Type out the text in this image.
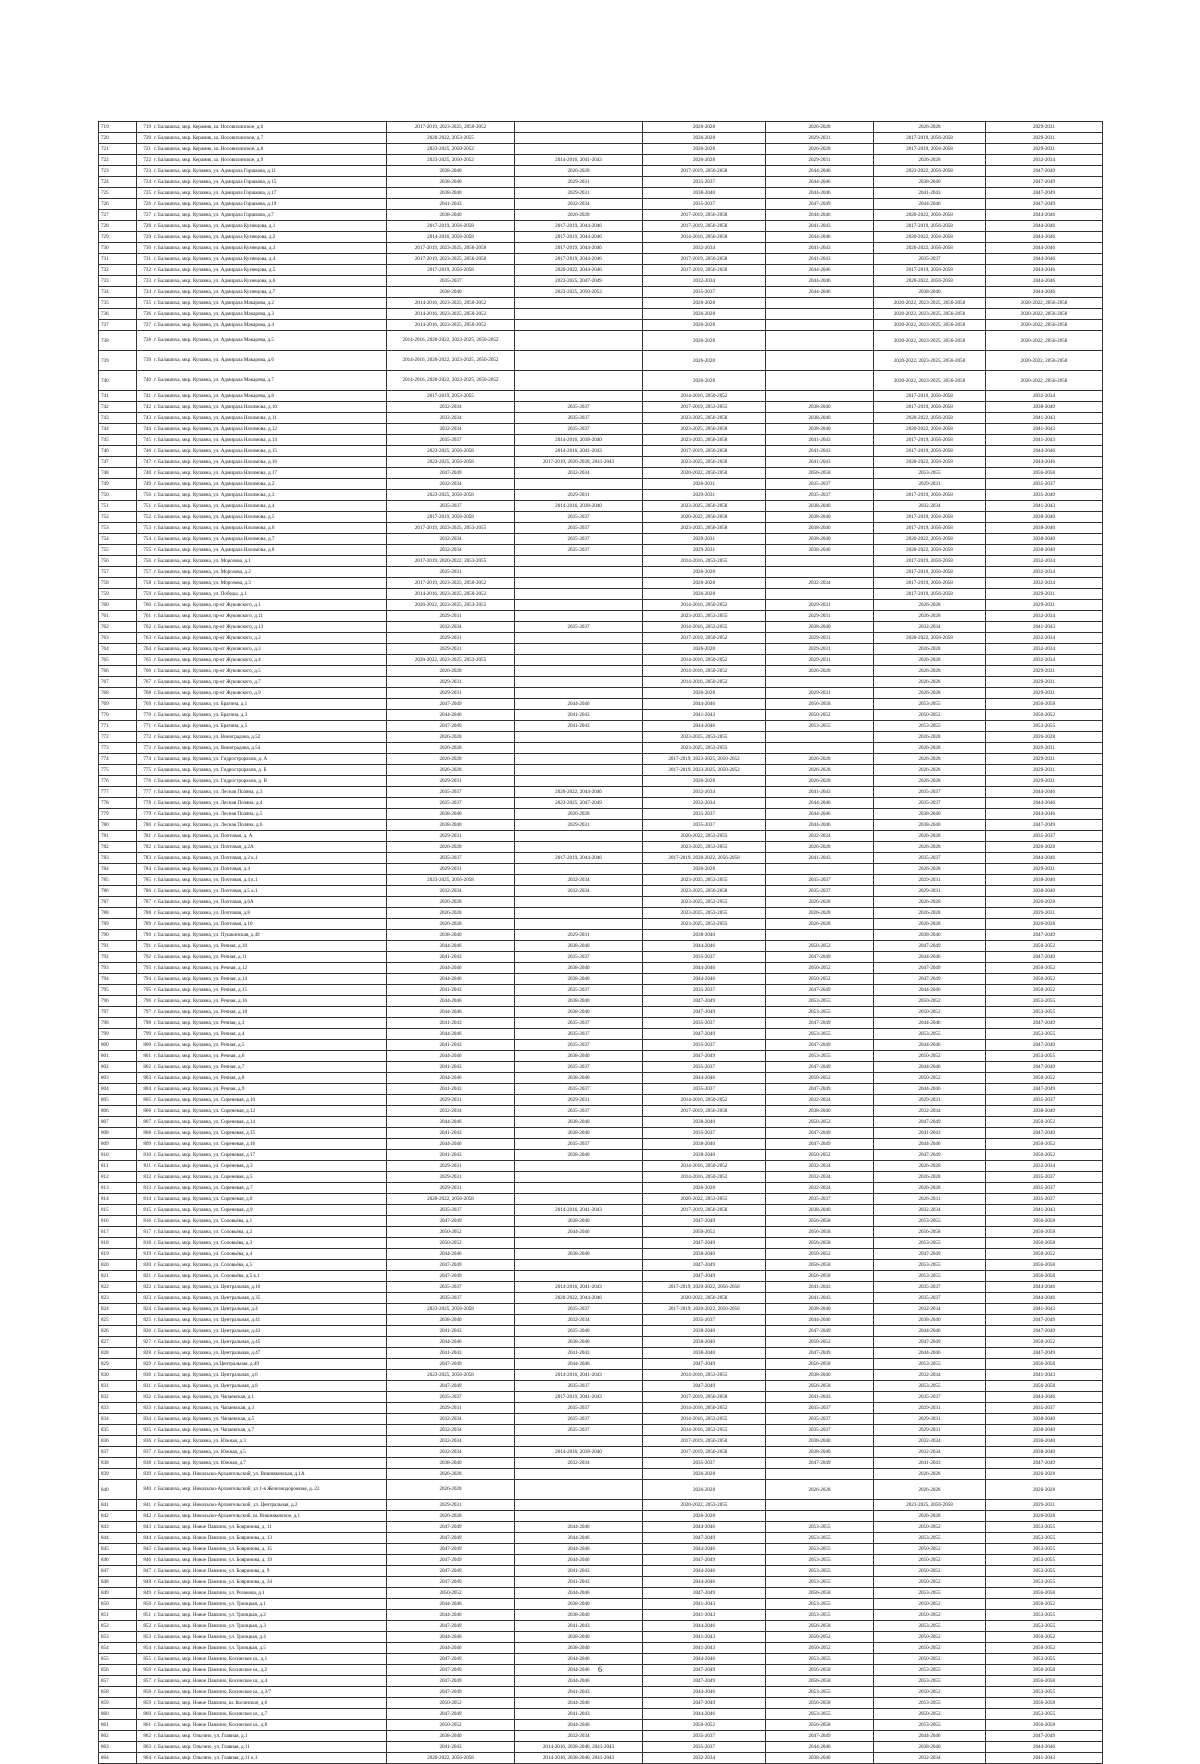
719	719 г. Балашиха, мкр. Керамик, ш. Носовихинское, д.6	2017-2019, 2023-2025, 2050-2052		2026-2028	2026-2028	2026-2028	2029-2031
720	720 г. Балашиха, мкр. Керамик, ш. Носовихинское, д.7	2020-2022, 2053-2055		2026-2028	2029-2031	2017-2019, 2056-2058	2029-2031
721	721 г. Балашиха, мкр. Керамик, ш. Носовихинское, д.8	2023-2025, 2050-2052		2026-2028	2026-2028	2017-2019, 2056-2058	2029-2031
722	722 г. Балашиха, мкр. Керамик, ш. Носовихинское, д.9	2023-2025, 2050-2052	2014-2016, 2041-2043	2026-2028	2029-2031	2026-2028	2032-2034
723	723 г. Балашиха, мкр. Купавна, ул. Адмирала Горшкова, д.11	2038-2040	2026-2028	2017-2019, 2056-2058	2044-2046	2023-2022, 2056-2058	2047-2049
724	724 г. Балашиха, мкр. Купавна, ул. Адмирала Горшкова, д.15	2038-2040	2029-2031	2035-2037	2044-2046	2038-2040	2047-2049
725	725 г. Балашиха, мкр. Купавна, ул. Адмирала Горшкова, д.17	2038-2040	2029-2031	2038-2040	2044-2046	2041-2043	2047-2049
726	726 г. Балашиха, мкр. Купавна, ул. Адмирала Горшкова, д.19	2041-2043	2032-2034	2035-2037	2047-2049	2044-2046	2047-2049
727	727 г. Балашиха, мкр. Купавна, ул. Адмирала Горшкова, д.7	2038-2040	2026-2028	2017-2019, 2056-2058	2044-2046	2020-2022, 2056-2058	2044-2046
728	728 г. Балашиха, мкр. Купавна, ул. Адмирала Кузнецова, д.1	2017-2019, 2056-2058	2017-2019, 2044-2046	2017-2019, 2056-2058	2041-2043	2017-2019, 2056-2058	2044-2046
729	729 г. Балашиха, мкр. Купавна, ул. Адмирала Кузнецова, д.2	2014-2016, 2056-2058	2017-2019, 2044-2046	2014-2016, 2056-2058	2044-2046	2020-2022, 2056-2058	2044-2046
730	730 г. Балашиха, мкр. Купавна, ул. Адмирала Кузнецова, д.3	2017-2019, 2023-2025, 2056-2058	2017-2019, 2044-2046	2032-2034	2041-2043	2020-2022, 2056-2058	2044-2046
731	731 г. Балашиха, мкр. Купавна, ул. Адмирала Кузнецова, д.4	2017-2019, 2023-2025, 2056-2058	2017-2019, 2044-2046	2017-2019, 2056-2058	2041-2043	2035-2037	2044-2046
732	732 г. Балашиха, мкр. Купавна, ул. Адмирала Кузнецова, д.5	2017-2019, 2056-2058	2020-2022, 2044-2046	2017-2019, 2056-2058	2044-2046	2017-2019, 2056-2058	2044-2046
733	733 г. Балашиха, мкр. Купавна, ул. Адмирала Кузнецова, д.6	2035-2037	2023-2025, 2047-2049	2032-2034	2044-2046	2020-2022, 2056-2058	2044-2046
734	734 г. Балашиха, мкр. Купавна, ул. Адмирала Кузнецова, д.7	2038-2040	2023-2025, 2050-2052	2035-2037	2044-2046	2038-2040	2044-2046
735	735 г. Балашиха, мкр. Купавна, ул. Адмирала Макарова, д.2	2014-2016, 2023-2025, 2050-2052		2026-2028		2020-2022, 2023-2025, 2056-2058	2020-2022, 2056-2058
736	736 г. Балашиха, мкр. Купавна, ул. Адмирала Макарова, д.3	2014-2016, 2023-2025, 2050-2052		2026-2028		2020-2022, 2023-2025, 2056-2058	2020-2022, 2056-2058
737	737 г. Балашиха, мкр. Купавна, ул. Адмирала Макарова, д.4	2014-2016, 2023-2025, 2050-2052		2026-2028		2020-2022, 2023-2025, 2056-2058	2020-2022, 2056-2058
738	738 г. Балашиха, мкр. Купавна, ул. Адмирала Макарова, д.5	2014-2016, 2020-2022, 2023-2025, 2050-2052		2026-2028		2020-2022, 2023-2025, 2056-2058	2020-2022, 2056-2058
739	739 г. Балашиха, мкр. Купавна, ул. Адмирала Макарова, д.6	2014-2016, 2020-2022, 2023-2025, 2050-2052		2026-2028		2020-2022, 2023-2025, 2056-2058	2020-2022, 2056-2058
740	740 г. Балашиха, мкр. Купавна, ул. Адмирала Макарова, д.7	2014-2016, 2020-2022, 2023-2025, 2050-2052		2026-2028		2020-2022, 2023-2025, 2056-2058	2020-2022, 2056-2058
741	741 г. Балашиха, мкр. Купавна, ул. Адмирала Макарова, д.8	2017-2019, 2053-2055		2014-2016, 2050-2052		2017-2019, 2056-2058	2032-2034
742	742 г. Балашиха, мкр. Купавна, ул. Адмирала Нахимова, д.10	2032-2034	2035-2037	2017-2019, 2053-2055	2038-2040	2017-2019, 2056-2058	2038-2040
743	743 г. Балашиха, мкр. Купавна, ул. Адмирала Нахимова, д.11	2032-2034	2035-2037	2023-2025, 2056-2058	2038-2040	2020-2022, 2056-2058	2041-2043
744	744 г. Балашиха, мкр. Купавна, ул. Адмирала Нахимова, д.12	2032-2034	2035-2037	2023-2025, 2056-2058	2038-2040	2020-2022, 2056-2058	2041-2043
745	745 г. Балашиха, мкр. Купавна, ул. Адмирала Нахимова, д.14	2035-2037	2014-2016, 2038-2040	2023-2025, 2056-2058	2041-2043	2017-2019, 2056-2058	2041-2043
746	746 г. Балашиха, мкр. Купавна, ул. Адмирала Нахимова, д.15	2023-2025, 2056-2058	2014-2016, 2041-2043	2017-2019, 2056-2058	2041-2043	2017-2019, 2056-2058	2044-2046
747	747 г. Балашиха, мкр. Купавна, ул. Адмирала Нахимова, д.16	2023-2025, 2056-2058	2017-2019, 2026-2028, 2041-2043	2023-2025, 2056-2058	2041-2043	2020-2022, 2056-2058	2044-2046
748	748 г. Балашиха, мкр. Купавна, ул. Адмирала Нахимова, д.17	2047-2049	2032-2034	2020-2022, 2056-2058	2056-2058	2053-2055	2056-2058
749	749 г. Балашиха, мкр. Купавна, ул. Адмирала Нахимова, д.2	2032-2034		2026-2031	2035-2037	2029-2031	2035-2037
750	750 г. Балашиха, мкр. Купавна, ул. Адмирала Нахимова, д.3	2023-2025, 2056-2058	2029-2031	2029-2031	2035-2037	2017-2019, 2056-2058	2035-2040
751	751 г. Балашиха, мкр. Купавна, ул. Адмирала Нахимова, д.4	2035-2037	2014-2016, 2038-2040	2023-2025, 2056-2058	2038-2040	2032-2034	2041-2043
752	752 г. Балашиха, мкр. Купавна, ул. Адмирала Нахимова, д.5	2017-2019, 2056-2058	2035-2037	2020-2022, 2056-2058	2038-2040	2017-2019, 2056-2058	2038-2040
753	753 г. Балашиха, мкр. Купавна, ул. Адмирала Нахимова, д.6	2017-2019, 2023-2025, 2053-2055	2035-2037	2023-2025, 2056-2058	2038-2040	2017-2019, 2056-2058	2038-2040
754	754 г. Балашиха, мкр. Купавна, ул. Адмирала Нахимова, д.7	2032-2034	2035-2037	2029-2031	2038-2040	2020-2022, 2056-2058	2038-2040
755	755 г. Балашиха, мкр. Купавна, ул. Адмирала Нахимова, д.8	2032-2034	2035-2037	2029-2031	2038-2040	2020-2022, 2056-2058	2038-2040
756	756 г. Балашиха, мкр. Купавна, ул. Морозова, д.1	2017-2019, 2020-2022, 2053-2055		2014-2016, 2053-2055		2017-2019, 2056-2058	2032-2034
757	757 г. Балашиха, мкр. Купавна, ул. Морозова, д.2	2035-2031		2026-2028		2017-2019, 2056-2058	2032-2034
758	758 г. Балашиха, мкр. Купавна, ул. Морозова, д.3	2017-2019, 2023-2025, 2050-2052		2026-2028	2032-2034	2017-2019, 2056-2058	2032-2034
759	759 г. Балашиха, мкр. Купавна, ул. Победы, д.1	2014-2016, 2023-2025, 2050-2052		2026-2028		2017-2019, 2056-2058	2029-2031
760	760 г. Балашиха, мкр. Купавна, пр-кт Жуковского, д.1	2020-2022, 2023-2025, 2053-2055		2014-2016, 2050-2052	2029-2031	2026-2028	2029-2031
761	761 г. Балашиха, мкр. Купавна, пр-кт Жуковского, д.11	2029-2031		2023-2025, 2053-2055	2029-2031	2026-2028	2032-2034
762	762 г. Балашиха, мкр. Купавна, пр-кт Жуковского, д.13	2032-2034	2035-2037	2014-2016, 2053-2055	2038-2040	2032-2034	2041-2043
763	763 г. Балашиха, мкр. Купавна, пр-кт Жуковского, д.2	2029-2031		2017-2019, 2050-2052	2029-2031	2020-2022, 2056-2058	2032-2034
764	764 г. Балашиха, мкр. Купавна, пр-кт Жуковского, д.3	2029-2031		2026-2028	2029-2031	2026-2028	2032-2034
765	765 г. Балашиха, мкр. Купавна, пр-кт Жуковского, д.4	2020-2022, 2023-2025, 2053-2055		2014-2016, 2050-2052	2029-2031	2026-2028	2032-2034
766	766 г. Балашиха, мкр. Купавна, пр-кт Жуковского, д.5	2026-2028		2014-2016, 2050-2052	2026-2028	2026-2028	2029-2031
767	767 г. Балашиха, мкр. Купавна, пр-кт Жуковского, д.7	2029-2031		2014-2016, 2050-2052		2026-2028	2029-2031
768	768 г. Балашиха, мкр. Купавна, пр-кт Жуковского, д.9	2029-2031		2026-2028	2029-2031	2026-2028	2029-2031
769	769 г. Балашиха, мкр. Купавна, ул. Брагина, д.1	2047-2049	2044-2046	2044-2046	2056-2058	2053-2055	2056-2058
770	770 г. Балашиха, мкр. Купавна, ул. Брагина, д.3	2044-2046	2041-2043	2041-2043	2050-2052	2050-2052	2050-2052
771	771 г. Балашиха, мкр. Купавна, ул. Брагина, д.5	2047-2049	2041-2043	2044-2046	2053-2055	2053-2055	2053-2055
772	772 г. Балашиха, мкр. Купавна, ул. Виноградова, д.52	2026-2028		2023-2025, 2053-2055		2026-2028	2026-2028
773	773 г. Балашиха, мкр. Купавна, ул. Виноградова, д.54	2026-2028		2023-2025, 2053-2055		2026-2028	2029-2031
774	774 г. Балашиха, мкр. Купавна, ул. Гидрострорахов, д. А	2026-2028		2017-2019, 2023-2025, 2050-2052	2026-2028	2026-2028	2029-2031
775	775 г. Балашиха, мкр. Купавна, ул. Гидрострорахов, д. Б	2026-2028		2017-2019, 2023-2025, 2050-2052	2026-2028	2026-2028	2029-2031
776	776 г. Балашиха, мкр. Купавна, ул. Гидрострорахов, д. В	2029-2031		2026-2028	2026-2028	2026-2028	2029-2031
777	777 г. Балашиха, мкр. Купавна, ул. Лесная Поляна, д.3	2035-2037	2020-2022, 2044-2046	2032-2034	2041-2043	2035-2037	2044-2046
778	778 г. Балашиха, мкр. Купавна, ул. Лесная Поляна, д.4	2035-2037	2023-2025, 2047-2049	2032-2034	2044-2046	2035-2037	2044-2046
779	779 г. Балашиха, мкр. Купавна, ул. Лесная Поляна, д.5	2038-2040	2026-2028	2035-2037	2044-2046	2038-2040	2044-2046
780	780 г. Балашиха, мкр. Купавна, ул. Лесная Поляна, д.6	2038-2040	2029-2031	2035-2037	2044-2046	2038-2040	2047-2049
781	781 г. Балашиха, мкр. Купавна, ул. Почтовая, д. А	2029-2031		2020-2022, 2053-2055	2032-2034	2026-2028	2035-2037
782	782 г. Балашиха, мкр. Купавна, ул. Почтовая, д.2А	2026-2028		2023-2025, 2053-2055	2026-2028	2026-2028	2026-2028
783	783 г. Балашиха, мкр. Купавна, ул. Почтовая, д.2 к.1	2035-2037	2017-2019, 2044-2046	2017-2019, 2020-2022, 2056-2058	2041-2043	2035-2037	2044-2046
784	784 г. Балашиха, мкр. Купавна, ул. Почтовая, д.4	2029-2031		2026-2028		2026-2028	2029-2031
785	785 г. Балашиха, мкр. Купавна, ул. Почтовая, д.4 к.1	2023-2025, 2056-2058	2032-2034	2023-2025, 2053-2055	2035-2037	2029-2031	2038-2040
786	786 г. Балашиха, мкр. Купавна, ул. Почтовая, д.5 к.1	2032-2034	2032-2034	2023-2025, 2056-2058	2035-2037	2029-2031	2038-2040
787	787 г. Балашиха, мкр. Купавна, ул. Почтовая, д.6А	2026-2028		2023-2025, 2053-2055	2026-2028	2026-2028	2026-2028
788	788 г. Балашиха, мкр. Купавна, ул. Почтовая, д.8	2026-2028		2023-2025, 2053-2055	2026-2028	2026-2028	2029-2031
789	789 г. Балашиха, мкр. Купавна, ул. Почтовая, д.10	2026-2028		2023-2025, 2053-2055	2026-2028	2026-2028	2026-2028
790	790 г. Балашиха, мкр. Купавна, ул. Пушкинская, д.49	2038-2040	2029-2031	2038-2040		2038-2040	2047-2049
791	791 г. Балашиха, мкр. Купавна, ул. Речная, д.10	2044-2046	2038-2040	2044-2046	2050-2052	2047-2049	2050-2052
792	792 г. Балашиха, мкр. Купавна, ул. Речная, д.11	2041-2043	2035-2037	2035-2037	2047-2049	2044-2046	2047-2049
793	793 г. Балашиха, мкр. Купавна, ул. Речная, д.12	2044-2046	2038-2040	2044-2046	2050-2052	2047-2049	2050-2052
794	794 г. Балашиха, мкр. Купавна, ул. Речная, д.14	2044-2046	2038-2040	2044-2046	2050-2052	2047-2049	2050-2052
795	795 г. Балашиха, мкр. Купавна, ул. Речная, д.15	2041-2043	2035-2037	2035-2037	2047-2049	2044-2046	2050-2052
796	796 г. Балашиха, мкр. Купавна, ул. Речная, д.16	2044-2046	2038-2040	2047-2049	2053-2055	2050-2052	2053-2055
797	797 г. Балашиха, мкр. Купавна, ул. Речная, д.18	2044-2046	2038-2040	2047-2049	2053-2055	2050-2052	2053-2055
798	798 г. Балашиха, мкр. Купавна, ул. Речная, д.3	2041-2043	2035-2037	2035-2037	2047-2049	2044-2046	2047-2049
799	799 г. Балашиха, мкр. Купавна, ул. Речная, д.4	2044-2046	2035-2037	2047-2049	2053-2055	2053-2055	2053-2055
800	800 г. Балашиха, мкр. Купавна, ул. Речная, д.5	2041-2043	2035-2037	2035-2037	2047-2049	2044-2046	2047-2049
801	801 г. Балашиха, мкр. Купавна, ул. Речная, д.6	2044-2046	2038-2040	2047-2049	2053-2055	2050-2052	2053-2055
802	802 г. Балашиха, мкр. Купавна, ул. Речная, д.7	2041-2043	2035-2037	2035-2037	2047-2049	2044-2046	2047-2049
803	803 г. Балашиха, мкр. Купавна, ул. Речная, д.8	2044-2046	2038-2040	2044-2046	2050-2052	2050-2052	2050-2052
804	804 г. Балашиха, мкр. Купавна, ул. Речная, д.9	2041-2043	2035-2037	2035-2037	2047-2049	2044-2046	2047-2049
805	805 г. Балашиха, мкр. Купавна, ул. Сиреневая, д.10	2029-2031	2029-2031	2014-2016, 2050-2052	2032-2034	2029-2031	2035-2037
806	806 г. Балашиха, мкр. Купавна, ул. Сиреневая, д.12	2032-2034	2035-2037	2017-2019, 2056-2058	2038-2040	2032-2034	2038-2040
807	807 г. Балашиха, мкр. Купавна, ул. Сиреневая, д.14	2044-2046	2038-2040	2038-2040	2050-2052	2047-2049	2050-2052
808	808 г. Балашиха, мкр. Купавна, ул. Сиреневая, д.15	2041-2043	2038-2040	2035-2037	2047-2049	2041-2043	2047-2049
809	809 г. Балашиха, мкр. Купавна, ул. Сиреневая, д.16	2044-2046	2035-2037	2038-2040	2047-2049	2044-2046	2050-2052
810	810 г. Балашиха, мкр. Купавна, ул. Сиреневая, д.17	2041-2043	2038-2040	2038-2040	2050-2052	2047-2049	2050-2052
811	811 г. Балашиха, мкр. Купавна, ул. Сиреневая, д.3	2029-2031		2014-2016, 2050-2052	2032-2034	2026-2028	2032-2034
812	812 г. Балашиха, мкр. Купавна, ул. Сиреневая, д.5	2029-2031		2014-2016, 2050-2052	2032-2034	2026-2028	2035-2037
813	813 г. Балашиха, мкр. Купавна, ул. Сиреневая, д.7	2029-2031		2026-2028	2032-2034	2026-2028	2035-2037
814	814 г. Балашиха, мкр. Купавна, ул. Сиреневая, д.8	2020-2022, 2056-2058		2020-2022, 2053-2055	2035-2037	2026-2031	2035-2037
815	815 г. Балашиха, мкр. Купавна, ул. Сиреневая, д.9	2035-2037	2014-2016, 2041-2043	2017-2019, 2056-2058	2038-2040	2032-2034	2041-2043
816	816 г. Балашиха, мкр. Купавна, ул. Соловьёва, д.1	2047-2049	2038-2040	2047-2049	2056-2058	2053-2055	2056-2058
817	817 г. Балашиха, мкр. Купавна, ул. Соловьёва, д.2	2050-2052	2044-2046	2050-2052	2056-2058	2056-2058	2056-2058
818	818 г. Балашиха, мкр. Купавна, ул. Соловьёва, д.3	2050-2052		2047-2049	2056-2058	2053-2055	2056-2058
819	819 г. Балашиха, мкр. Купавна, ул. Соловьёва, д.4	2044-2046	2038-2040	2038-2040	2050-2052	2047-2049	2050-2052
820	820 г. Балашиха, мкр. Купавна, ул. Соловьёва, д.5	2047-2049		2047-2049	2056-2058	2053-2055	2056-2058
821	821 г. Балашиха, мкр. Купавна, ул. Соловьёва, д.5 к.1	2047-2049		2047-2049	2056-2058	2053-2055	2056-2058
822	822 г. Балашиха, мкр. Купавна, ул. Центральная, д.10	2035-2037	2014-2016, 2041-2043	2017-2019, 2020-2022, 2056-2058	2041-2043	2035-2037	2044-2046
823	823 г. Балашиха, мкр. Купавна, ул. Центральная, д.35	2035-2037	2020-2022, 2044-2046	2020-2022, 2056-2058	2041-2043	2035-2037	2044-2046
824	824 г. Балашиха, мкр. Купавна, ул. Центральная, д.4	2023-2025, 2056-2058	2035-2037	2017-2019, 2020-2022, 2056-2058	2038-2040	2032-2034	2041-2043
825	825 г. Балашиха, мкр. Купавна, ул. Центральная, д.41	2038-2040	2032-2034	2035-2037	2044-2046	2038-2040	2047-2049
826	826 г. Балашиха, мкр. Купавна, ул. Центральная, д.43	2041-2043	2035-2040	2038-2040	2047-2049	2044-2046	2047-2049
827	827 г. Балашиха, мкр. Купавна, ул. Центральная, д.45	2044-2046	2038-2040	2038-2040	2050-2052	2047-2049	2050-2052
828	828 г. Балашиха, мкр. Купавна, ул. Центральная, д.47	2041-2043	2041-2043	2038-2040	2047-2049	2044-2046	2047-2049
829	829 г. Балашиха, мкр. Купавна, ул.Центральная, д.49	2047-2049	2044-2046	2047-2049	2056-2058	2053-2055	2056-2058
830	830 г. Балашиха, мкр. Купавна, ул. Центральная, д.6	2023-2025, 2056-2058	2014-2016, 2041-2043	2014-2016, 2053-2055	2038-2040	2032-2034	2041-2043
831	831 г. Балашиха, мкр. Купавна, ул. Центральная, д.8	2047-2049	2035-2037	2047-2049	2056-2058	2053-2055	2056-2058
832	832 г. Балашиха, мкр. Купавна, ул. Чапаевская, д.1	2035-2037	2017-2019, 2041-2043	2017-2019, 2056-2058	2041-2043	2035-2037	2044-2046
833	833 г. Балашиха, мкр. Купавна, ул. Чапаевская, д.3	2029-2031	2035-2037	2014-2016, 2050-2052	2035-2037	2029-2031	2035-2037
834	834 г. Балашиха, мкр. Купавна, ул. Чапаевская, д.5	2032-2034	2035-2037	2014-2016, 2053-2055	2035-2037	2029-2031	2038-2040
835	835 г. Балашиха, мкр. Купавна, ул. Чапаевская, д.7	2032-2034	2035-2037	2014-2016, 2053-2055	2035-2037	2029-2031	2038-2040
836	836 г. Балашиха, мкр. Купавна, ул. Южная, д.3	2032-2034		2017-2019, 2056-2058	2038-2040	2032-2034	2038-2040
837	837 г. Балашиха, мкр. Купавна, ул. Южная, д.5	2032-2034	2014-2016, 2038-2040	2017-2019, 2056-2058	2038-2040	2032-2034	2038-2040
838	838 г. Балашиха, мкр. Купавна, ул. Южная, д.7	2038-2040	2032-2034	2035-2037	2047-2049	2041-2043	2047-2049
839	839 г. Балашиха, мкр. Никольско-Архангельский, ул. Вишняковская, д.1А	2026-2028		2026-2028		2026-2028	2026-2028
840	840 г. Балашиха, мкр. Никольско-Архангельский, ул 1-я Железнодорожная, д. 22	2026-2028		2026-2028	2026-2028	2026-2028	2026-2028
841	841 г. Балашиха, мкр. Никольско-Архангельский, ул. Центральная, д.2	2029-2031		2020-2022, 2053-2055		2023-2025, 2056-2058	2029-2031
842	842 г. Балашиха, мкр. Никольско-Архангельский, ш. Вишняковское, д.1	2026-2028		2026-2028		2026-2028	2026-2028
843	843 г. Балашиха, мкр. Новое Павлино, ул. Бояринова, д. 11	2047-2049	2044-2046	2044-2046	2053-2055	2050-2052	2053-2055
844	844 г. Балашиха, мкр. Новое Павлино, ул. Бояринова, д. 13	2047-2049	2044-2046	2047-2049	2053-2055	2053-2055	2053-2055
845	845 г. Балашиха, мкр. Новое Павлино, ул. Бояринова, д. 15	2047-2049	2044-2046	2044-2046	2053-2055	2050-2052	2053-2055
846	846 г. Балашиха, мкр. Новое Павлино, ул. Бояринова, д. 19	2047-2049	2044-2046	2047-2049	2053-2055	2050-2052	2053-2055
847	847 г. Балашиха, мкр. Новое Павлино, ул. Бояринова, д. 9	2047-2049	2041-2043	2044-2046	2053-2055	2050-2052	2053-2055
848	848 г. Балашиха, мкр. Новое Павлино, ул. Бояринова, д. 34	2047-2049	2041-2043	2044-2046	2053-2055	2050-2052	2053-2055
849	849 г. Балашиха, мкр. Новое Павлино, ул. Розанова, д.1	2050-2052	2044-2046	2047-2049	2056-2058	2053-2055	2056-2058
850	850 г. Балашиха, мкр. Новое Павлино, ул. Троицкая, д.1	2044-2046	2038-2040	2041-2043	2053-2055	2050-2052	2050-2052
851	851 г. Балашиха, мкр. Новое Павлино, ул. Троицкая, д.2	2044-2046	2038-2040	2041-2043	2053-2055	2050-2052	2053-2055
852	852 г. Балашиха, мкр. Новое Павлино, ул. Троицкая, д.3	2047-2049	2041-2043	2044-2046	2056-2058	2053-2055	2053-2055
853	853 г. Балашиха, мкр. Новое Павлино, ул. Троицкая, д.4	2044-2046	2038-2040	2041-2043	2050-2052	2050-2052	2050-2052
854	854 г. Балашиха, мкр. Новое Павлино, ул. Троицкая, д.5	2044-2046	2038-2040	2041-2043	2050-2052	2050-2052	2050-2052
855	855 г. Балашиха, мкр. Новое Павлино, Косинское ш., д.1	2047-2049	2044-2046	2044-2046	2053-2055	2050-2052	2053-2055
856	856 г. Балашиха, мкр. Новое Павлино, Косинское ш., д.2	2047-2049	2044-2046	2047-2049	2056-2058	2053-2055	2056-2058
857	857 г. Балашиха, мкр. Новое Павлино, Косинское ш., д.4	2047-2049	2044-2046	2047-2049	2056-2058	2053-2055	2056-2058
858	858 г. Балашиха, мкр. Новое Павлино, Косинское ш., д.3/7	2047-2049	2041-2043	2044-2046	2053-2055	2050-2052	2053-2055
859	859 г. Балашиха, мкр. Новое Павлино, ш. Косинское, д.6	2050-2052	2044-2046	2047-2049	2056-2058	2053-2055	2056-2058
860	860 г. Балашиха, мкр. Новое Павлино, Косинское ш., д.7	2047-2049	2041-2043	2044-2046	2053-2055	2050-2052	2053-2055
861	861 г. Балашиха, мкр. Новое Павлино, Косинское ш., д.8	2050-2052	2044-2046	2050-2052	2056-2058	2053-2055	2056-2058
862	862 г. Балашиха, мкр. Ольгино, ул. Главная, д.1	2038-2040	2032-2034	2035-2037	2047-2049	2044-2046	2047-2049
863	863 г. Балашиха, мкр. Ольгино, ул. Главная, д.11	2041-2043	2014-2016, 2038-2040, 2041-2043	2035-2037	2044-2046	2038-2040	2044-2046
864	864 г. Балашиха, мкр. Ольгино, ул. Главная, д.11 к.1	2020-2022, 2056-2058	2014-2016, 2038-2040, 2041-2043	2032-2034	2038-2040	2032-2034	2041-2043
6
